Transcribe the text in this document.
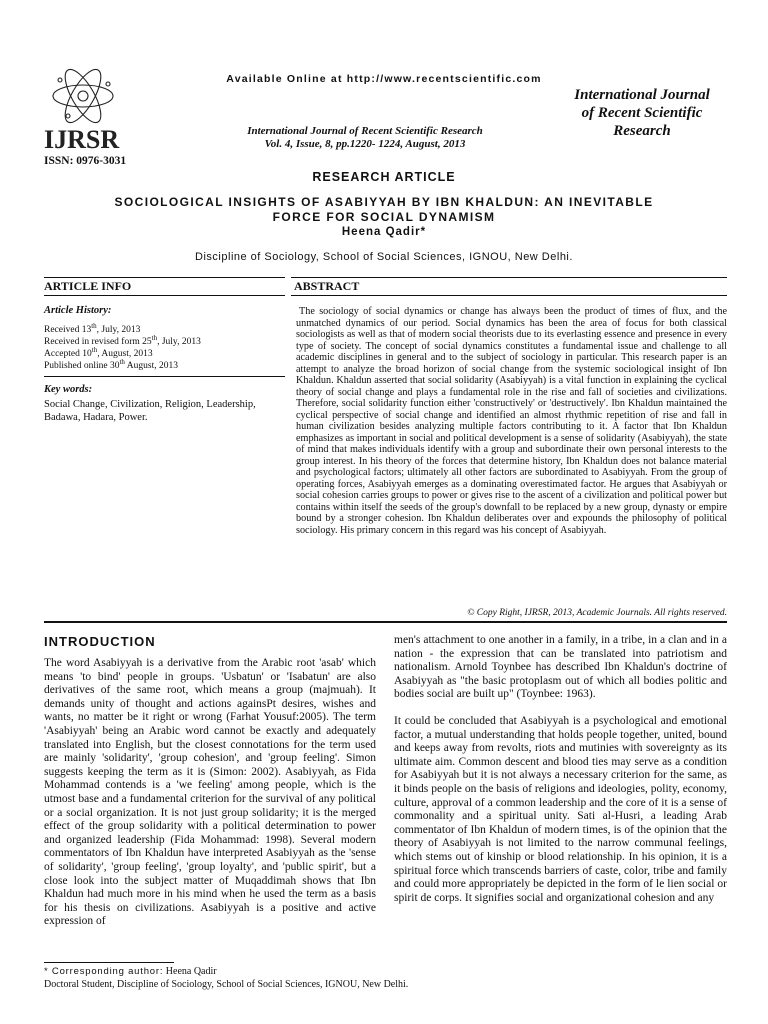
IJRSR
Available Online at http://www.recentscientific.com
ISSN: 0976-3031
International Journal of Recent Scientific Research
Vol. 4, Issue, 8, pp.1220- 1224, August, 2013
International Journal
of Recent Scientific
Research
RESEARCH ARTICLE
SOCIOLOGICAL INSIGHTS OF ASABIYYAH BY IBN KHALDUN: AN INEVITABLE
FORCE FOR SOCIAL DYNAMISM
Heena Qadir*
Discipline of Sociology, School of Social Sciences, IGNOU, New Delhi.
ARTICLE INFO	ABSTRACT
Article History:
Received 13th, July, 2013
Received in revised form 25th, July, 2013
Accepted 10th, August, 2013
Published online 30th August, 2013
Key words:
Social Change, Civilization, Religion, Leadership, Badawa, Hadara, Power.

The sociology of social dynamics or change has always been the product of times of flux, and the unmatched dynamics of our period. Social dynamics has been the area of focus for both classical sociologists as well as that of modern social theorists due to its everlasting essence and presence in every type of society. The concept of social dynamics constitutes a fundamental issue and challenge to all academic disciplines in general and to the subject of sociology in particular. This research paper is an attempt to analyze the broad horizon of social change from the systemic sociological insight of Ibn Khaldun. Khaldun asserted that social solidarity (Asabiyyah) is a vital function in explaining the cyclical theory of social change and plays a fundamental role in the rise and fall of societies and civilizations. Therefore, social solidarity function either 'constructively' or 'destructively'. Ibn Khaldun maintained the cyclical perspective of social change and identified an almost rhythmic repetition of rise and fall in human civilization besides analyzing multiple factors contributing to it. A factor that Ibn Khaldun emphasizes as important in social and political development is a sense of solidarity (Asabiyyah), the state of mind that makes individuals identify with a group and subordinate their own personal interests to the group interest. In his theory of the forces that determine history, Ibn Khaldun does not balance material and psychological factors; ultimately all other factors are subordinated to Asabiyyah. From the group of operating forces, Asabiyyah emerges as a dominating overestimated factor. He argues that Asabiyyah or social cohesion carries groups to power or gives rise to the ascent of a civilization and political power but contains within itself the seeds of the group's downfall to be replaced by a new group, dynasty or empire bound by a stronger cohesion. Ibn Khaldun deliberates over and expounds the philosophy of political sociology. His primary concern in this regard was his concept of Asabiyyah.

© Copy Right, IJRSR, 2013, Academic Journals. All rights reserved.
INTRODUCTION

The word Asabiyyah is a derivative from the Arabic root 'asab' which means 'to bind' people in groups. 'Usbatun' or 'Isabatun' are also derivatives of the same root, which means a group (majmuah). It demands unity of thought and actions againsPt desires, wishes and wants, no matter be it right or wrong (Farhat Yousuf:2005). The term 'Asabiyyah' being an Arabic word cannot be exactly and adequately translated into English, but the closest connotations for the term used are mainly 'solidarity', 'group cohesion', and 'group feeling'. Simon suggests keeping the term as it is (Simon: 2002). Asabiyyah, as Fida Mohammad contends is a 'we feeling' among people, which is the utmost base and a fundamental criterion for the survival of any political or a social organization. It is not just group solidarity; it is the merged effect of the group solidarity with a political determination to power and organized leadership (Fida Mohammad: 1998). Several modern commentators of Ibn Khaldun have interpreted Asabiyyah as the 'sense of solidarity', 'group feeling', 'group loyalty', and 'public spirit', but a close look into the subject matter of Muqaddimah shows that Ibn Khaldun had much more in his mind when he used the term as a basis for his thesis on civilizations. Asabiyyah is a positive and active expression of

men's attachment to one another in a family, in a tribe, in a clan and in a nation - the expression that can be translated into patriotism and nationalism. Arnold Toynbee has described Ibn Khaldun's doctrine of Asabiyyah as "the basic protoplasm out of which all bodies politic and bodies social are built up" (Toynbee: 1963).

It could be concluded that Asabiyyah is a psychological and emotional factor, a mutual understanding that holds people together, united, bound and keeps away from revolts, riots and mutinies with sovereignty as its ultimate aim. Common descent and blood ties may serve as a condition for Asabiyyah but it is not always a necessary criterion for the same, as it binds people on the basis of religions and ideologies, polity, economy, culture, approval of a common leadership and the core of it is a sense of commonality and a spiritual unity. Sati al-Husri, a leading Arab commentator of Ibn Khaldun of modern times, is of the opinion that the theory of Asabiyyah is not limited to the narrow communal feelings, which stems out of kinship or blood relationship. In his opinion, it is a spiritual force which transcends barriers of caste, color, tribe and family and could more appropriately be depicted in the form of le lien social or spirit de corps. It signifies social and organizational cohesion and any

* Corresponding author: Heena Qadir
Doctoral Student, Discipline of Sociology, School of Social Sciences, IGNOU, New Delhi.
